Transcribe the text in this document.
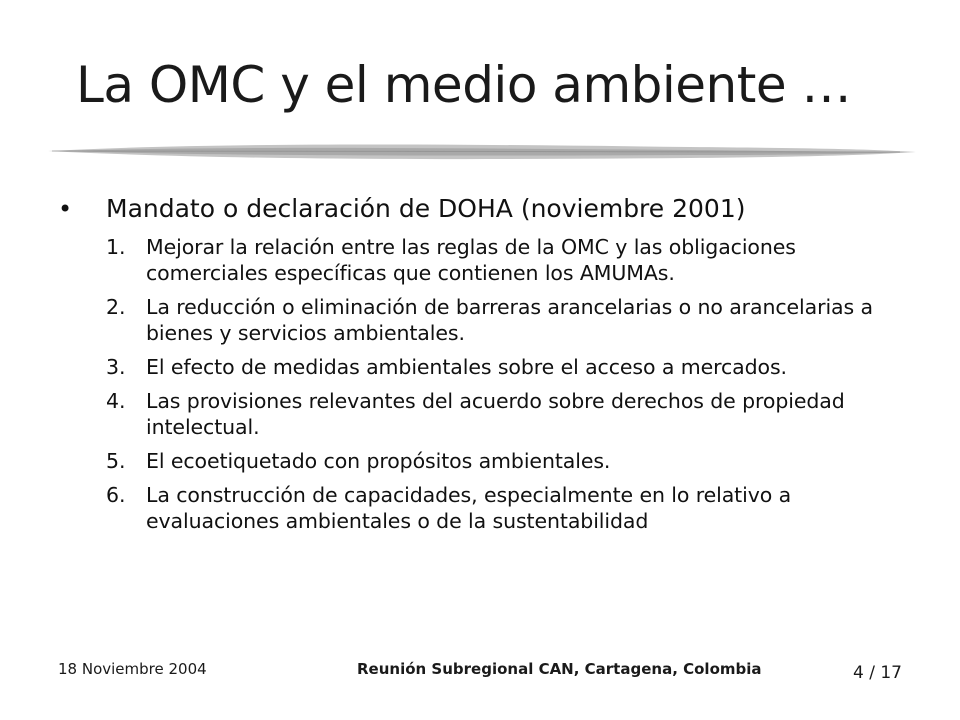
La OMC y el medio ambiente …
•	Mandato o declaración de DOHA (noviembre 2001)
1.	Mejorar la relación entre las reglas de la OMC y las obligaciones comerciales específicas que contienen los AMUMAs.
2.	La reducción o eliminación de barreras arancelarias o no arancelarias a bienes y servicios ambientales.
3.	El efecto de medidas ambientales sobre el acceso a mercados.
4.	Las provisiones relevantes del acuerdo sobre derechos de propiedad intelectual.
5.	El ecoetiquetado con propósitos ambientales.
6.	La construcción de capacidades, especialmente en lo relativo a evaluaciones ambientales o de la sustentabilidad
18 Noviembre 2004	Reunión Subregional CAN, Cartagena, Colombia	4 / 17
